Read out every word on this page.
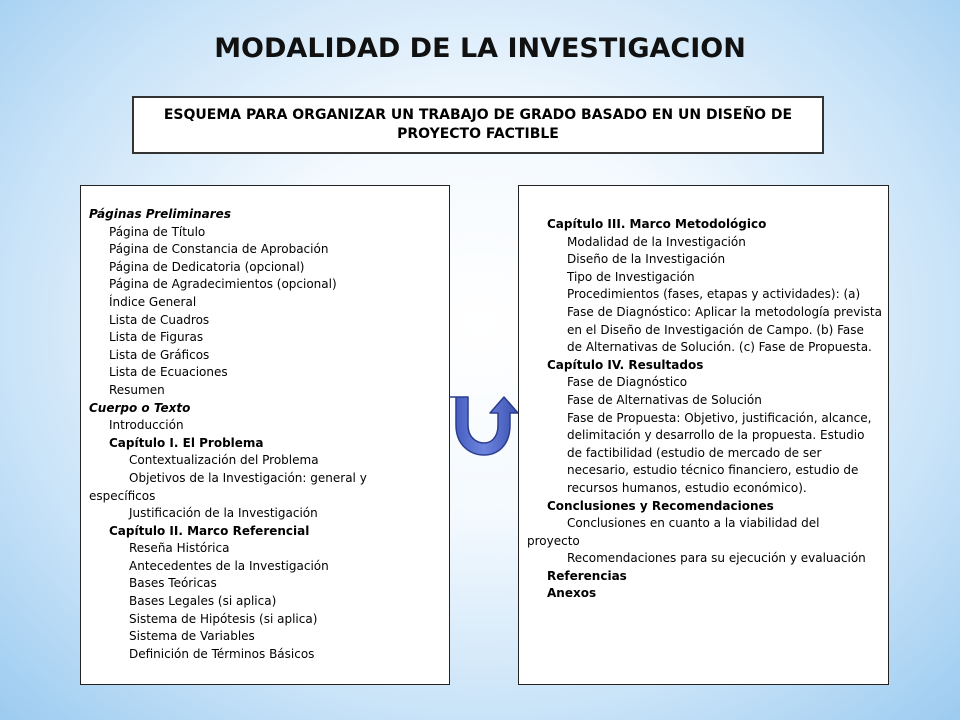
MODALIDAD DE LA INVESTIGACION
ESQUEMA PARA ORGANIZAR UN TRABAJO DE GRADO BASADO EN UN DISEÑO DE PROYECTO FACTIBLE
Páginas Preliminares
Página de Título
Página de Constancia de Aprobación
Página de Dedicatoria (opcional)
Página de Agradecimientos (opcional)
Índice General
Lista de Cuadros
Lista de Figuras
Lista de Gráficos
Lista de Ecuaciones
Resumen
Cuerpo o Texto
Introducción
Capítulo I. El Problema
Contextualización del Problema
Objetivos de la Investigación: general y
específicos
Justificación de la Investigación
Capítulo II. Marco Referencial
Reseña Histórica
Antecedentes de la Investigación
Bases Teóricas
Bases Legales (si aplica)
Sistema de Hipótesis (si aplica)
Sistema de Variables
Definición de Términos Básicos
Capítulo III. Marco Metodológico
Modalidad de la Investigación
Diseño de la Investigación
Tipo de Investigación
Procedimientos (fases, etapas y actividades): (a) Fase de Diagnóstico: Aplicar la metodología prevista en el Diseño de Investigación de Campo. (b) Fase de Alternativas de Solución. (c) Fase de Propuesta.
Capítulo IV. Resultados
Fase de Diagnóstico
Fase de Alternativas de Solución
Fase de Propuesta: Objetivo, justificación, alcance, delimitación y desarrollo de la propuesta. Estudio de factibilidad (estudio de mercado de ser necesario, estudio técnico financiero, estudio de recursos humanos, estudio económico).
Conclusiones y Recomendaciones
Conclusiones en cuanto a la viabilidad del
proyecto
Recomendaciones para su ejecución y evaluación
Referencias
Anexos
